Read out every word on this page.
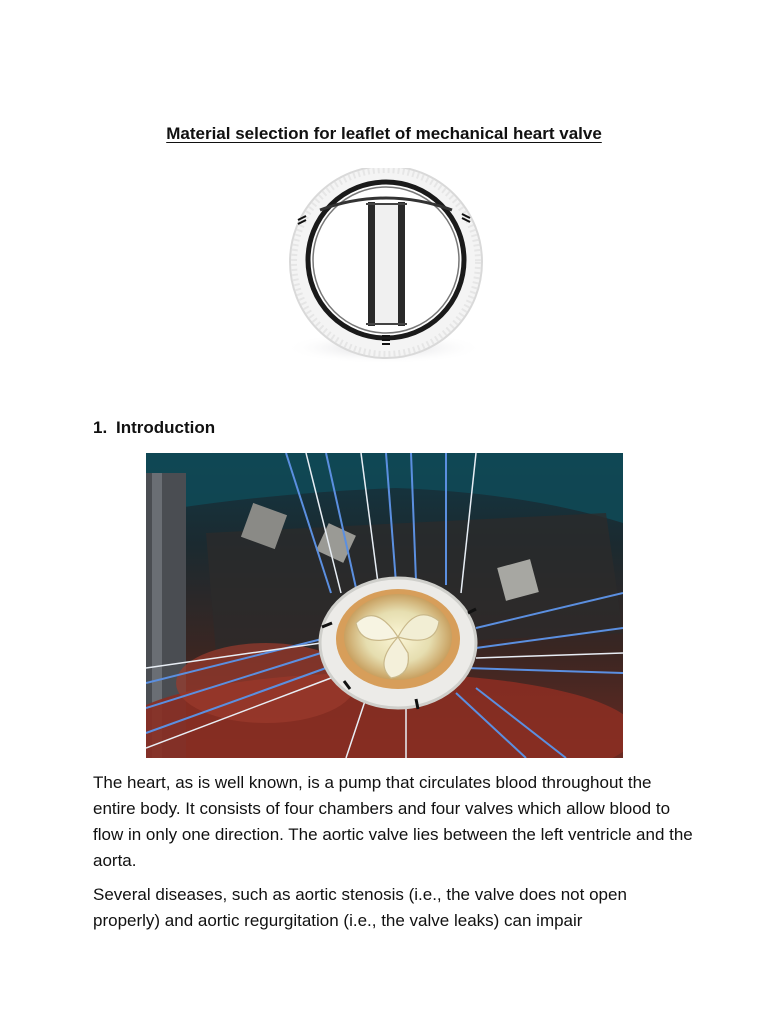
Material selection for leaflet of mechanical heart valve
1. Introduction

The heart, as is well known, is a pump that circulates blood throughout the entire body. It consists of four chambers and four valves which allow blood to flow in only one direction. The aortic valve lies between the left ventricle and the aorta.

Several diseases, such as aortic stenosis (i.e., the valve does not open properly) and aortic regurgitation (i.e., the valve leaks) can impair
